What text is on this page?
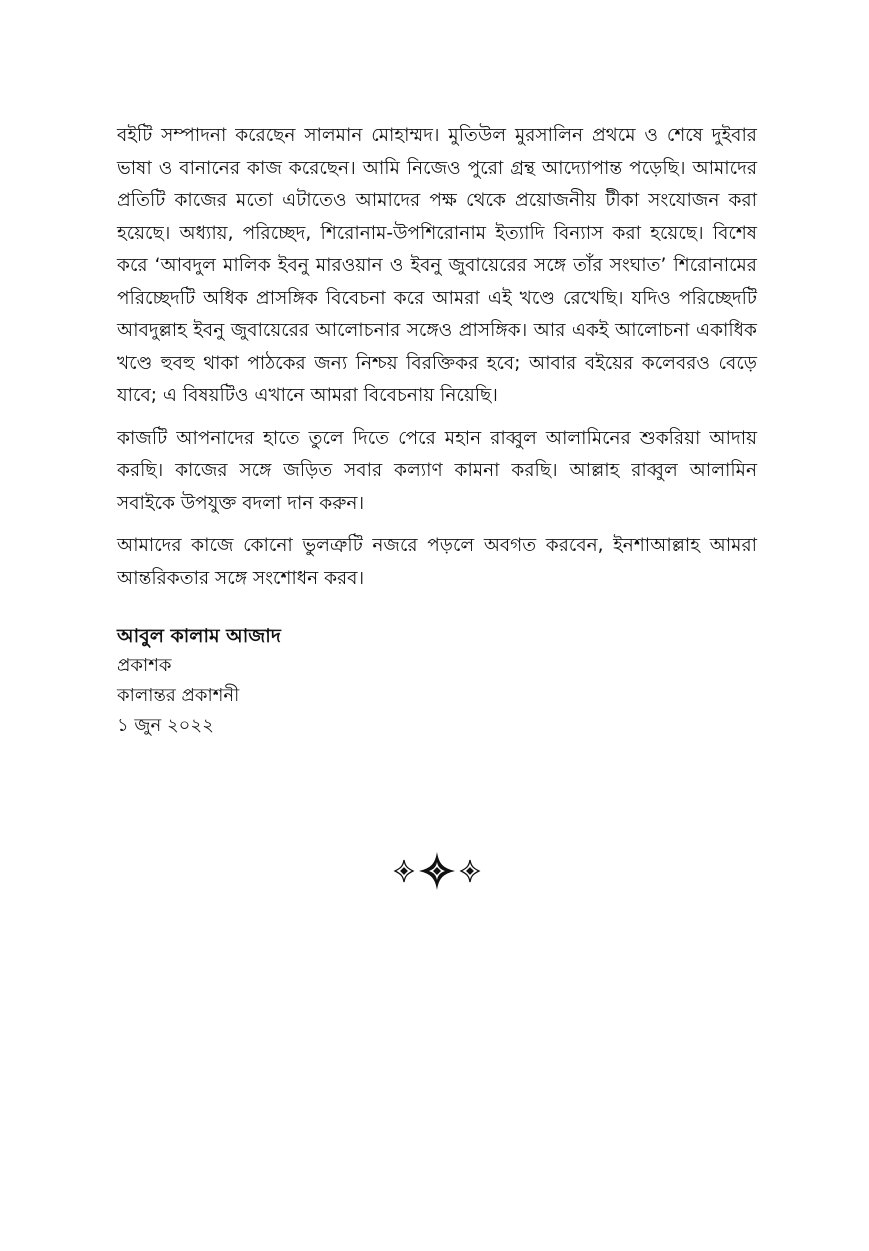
বইটি সম্পাদনা করেছেন সালমান মোহাম্মদ। মুতিউল মুরসালিন প্রথমে ও শেষে দুইবার ভাষা ও বানানের কাজ করেছেন। আমি নিজেও পুরো গ্রন্থ আদ্যোপান্ত পড়েছি। আমাদের প্রতিটি কাজের মতো এটাতেও আমাদের পক্ষ থেকে প্রয়োজনীয় টীকা সংযোজন করা হয়েছে। অধ্যায়, পরিচ্ছেদ, শিরোনাম-উপশিরোনাম ইত্যাদি বিন্যাস করা হয়েছে। বিশেষ করে ‘আবদুল মালিক ইবনু মারওয়ান ও ইবনু জুবায়েরের সঙ্গে তাঁর সংঘাত’ শিরোনামের পরিচ্ছেদটি অধিক প্রাসঙ্গিক বিবেচনা করে আমরা এই খণ্ডে রেখেছি। যদিও পরিচ্ছেদটি আবদুল্লাহ ইবনু জুবায়েরের আলোচনার সঙ্গেও প্রাসঙ্গিক। আর একই আলোচনা একাধিক খণ্ডে হুবহু থাকা পাঠকের জন্য নিশ্চয় বিরক্তিকর হবে; আবার বইয়ের কলেবরও বেড়ে যাবে; এ বিষয়টিও এখানে আমরা বিবেচনায় নিয়েছি।

কাজটি আপনাদের হাতে তুলে দিতে পেরে মহান রাব্বুল আলামিনের শুকরিয়া আদায় করছি। কাজের সঙ্গে জড়িত সবার কল্যাণ কামনা করছি। আল্লাহ রাব্বুল আলামিন সবাইকে উপযুক্ত বদলা দান করুন।

আমাদের কাজে কোনো ভুলত্রুটি নজরে পড়লে অবগত করবেন, ইনশাআল্লাহ আমরা আন্তরিকতার সঙ্গে সংশোধন করব।

আবুল কালাম আজাদ
প্রকাশক
কালান্তর প্রকাশনী
১ জুন ২০২২
